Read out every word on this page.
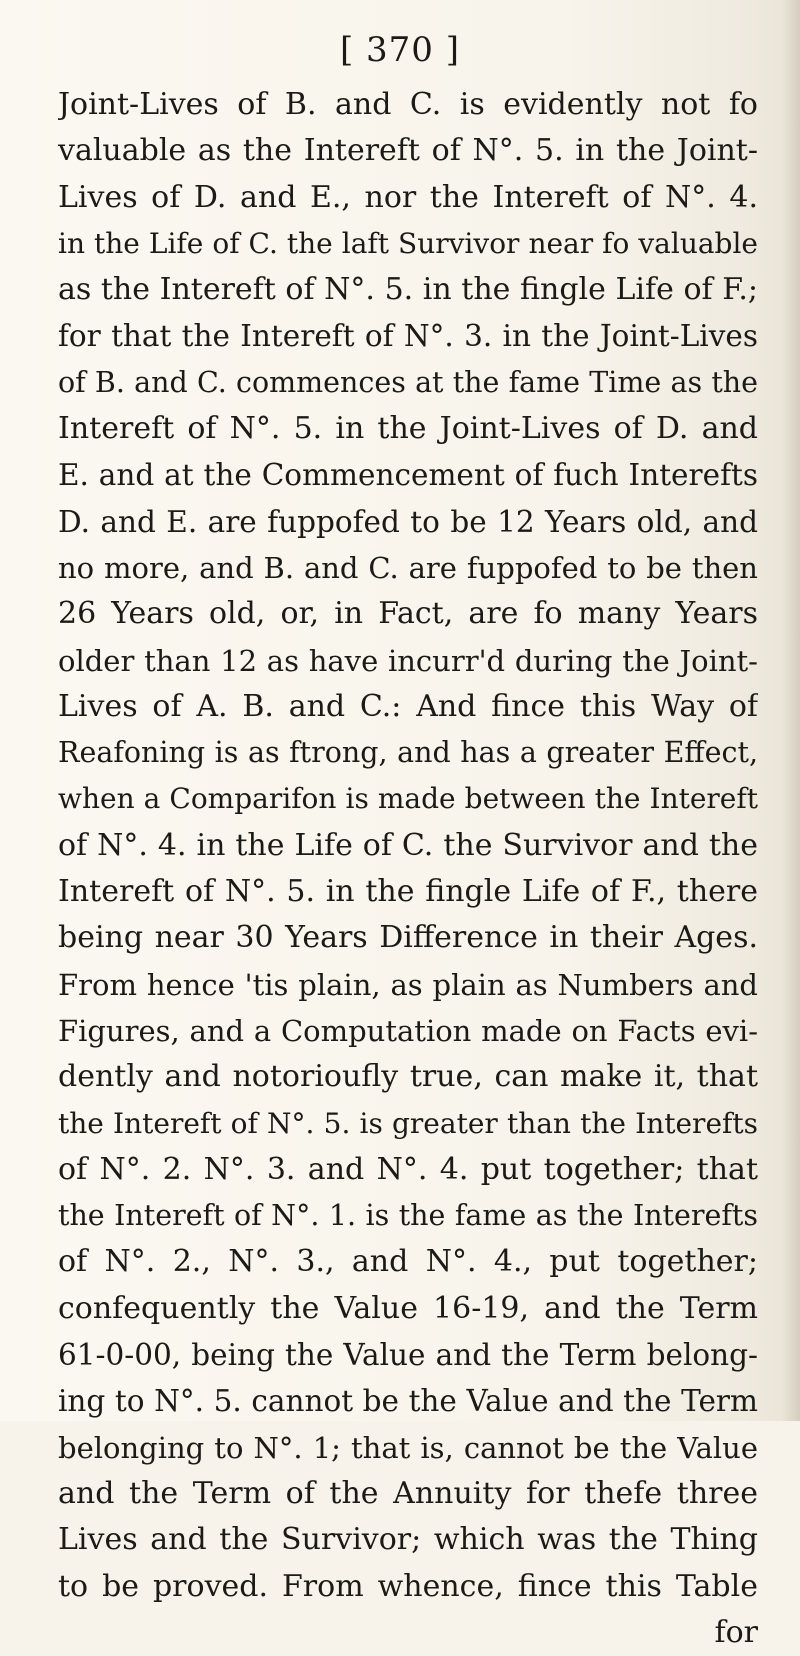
[ 370 ]
Joint-Lives of B. and C. is evidently not fo
valuable as the Intereft of N°. 5. in the Joint-
Lives of D. and E., nor the Intereft of N°. 4.
in the Life of C. the laft Survivor near fo valuable
as the Intereft of N°. 5. in the fingle Life of F.;
for that the Intereft of N°. 3. in the Joint-Lives
of B. and C. commences at the fame Time as the
Intereft of N°. 5. in the Joint-Lives of D. and
E. and at the Commencement of fuch Interefts
D. and E. are fuppofed to be 12 Years old, and
no more, and B. and C. are fuppofed to be then
26 Years old, or, in Fact, are fo many Years
older than 12 as have incurr'd during the Joint-
Lives of A. B. and C.: And fince this Way of
Reafoning is as ftrong, and has a greater Effect,
when a Comparifon is made between the Intereft
of N°. 4. in the Life of C. the Survivor and the
Intereft of N°. 5. in the fingle Life of F., there
being near 30 Years Difference in their Ages.
From hence 'tis plain, as plain as Numbers and
Figures, and a Computation made on Facts evi-
dently and notorioufly true, can make it, that
the Intereft of N°. 5. is greater than the Interefts
of N°. 2. N°. 3. and N°. 4. put together; that
the Intereft of N°. 1. is the fame as the Interefts
of N°. 2., N°. 3., and N°. 4., put together;
confequently the Value 16-19, and the Term
61-0-00, being the Value and the Term belong-
ing to N°. 5. cannot be the Value and the Term
belonging to N°. 1; that is, cannot be the Value
and the Term of the Annuity for thefe three
Lives and the Survivor; which was the Thing
to be proved. From whence, fince this Table
for
